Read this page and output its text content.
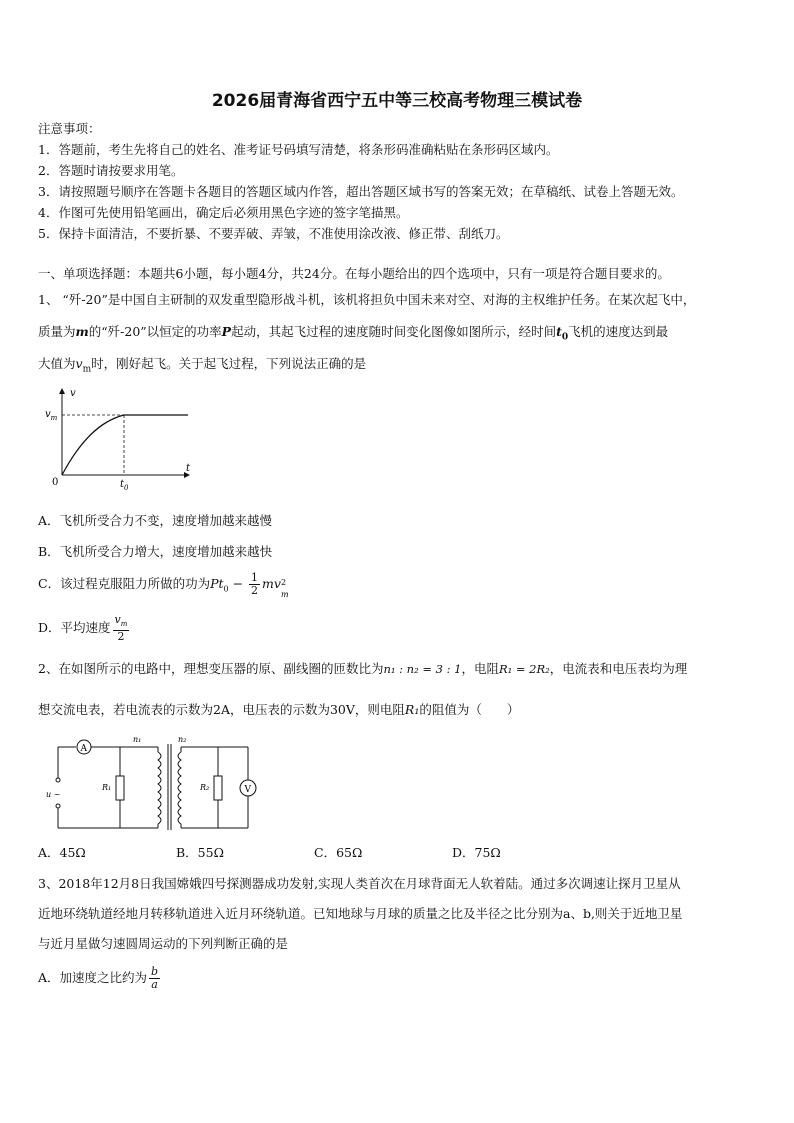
2026届青海省西宁五中等三校高考物理三模试卷
注意事项：
1．答题前，考生先将自己的姓名、准考证号码填写清楚，将条形码准确粘贴在条形码区域内。
2．答题时请按要求用笔。
3．请按照题号顺序在答题卡各题目的答题区域内作答，超出答题区域书写的答案无效；在草稿纸、试卷上答题无效。
4．作图可先使用铅笔画出，确定后必须用黑色字迹的签字笔描黑。
5．保持卡面清洁，不要折暴、不要弄破、弄皱，不准使用涂改液、修正带、刮纸刀。
一、单项选择题：本题共6小题，每小题4分，共24分。在每小题给出的四个选项中，只有一项是符合题目要求的。
1、 “歼-20”是中国自主研制的双发重型隐形战斗机，该机将担负中国未来对空、对海的主权维护任务。在某次起飞中，
质量为m的“歼-20”以恒定的功率P起动，其起飞过程的速度随时间变化图像如图所示，经时间$t_0$飞机的速度达到最
大值为$v_m$时，刚好起飞。关于起飞过程，下列说法正确的是
v
t
0
$v_m$
$t_0$
A．飞机所受合力不变，速度增加越来越慢
B．飞机所受合力增大，速度增加越来越快
C．该过程克服阻力所做的功为$Pt_0 - \frac{1}{2}$ mv 2
m
D．平均速度 $\frac{v_m}{2}$
2、在如图所示的电路中，理想变压器的原、副线圈的匝数比为n₁ : n₂ = 3 : 1，电阻R₁ = 2R₂，电流表和电压表均为理
想交流电表，若电流表的示数为2A，电压表的示数为30V，则电阻R₁的阻值为（　　）
A
u ~
R₁
n₁	n₂
R₂	V
A．45Ω	B．55Ω	C．65Ω	D．75Ω
3、2018年12月8日我国嫦娥四号探测器成功发射,实现人类首次在月球背面无人软着陆。通过多次调速让探月卫星从
近地环绕轨道经地月转移轨道进入近月环绕轨道。已知地球与月球的质量之比及半径之比分别为a、b,则关于近地卫星
与近月星做匀速圆周运动的下列判断正确的是
A．加速度之比约为 $\frac{b}{a}$
